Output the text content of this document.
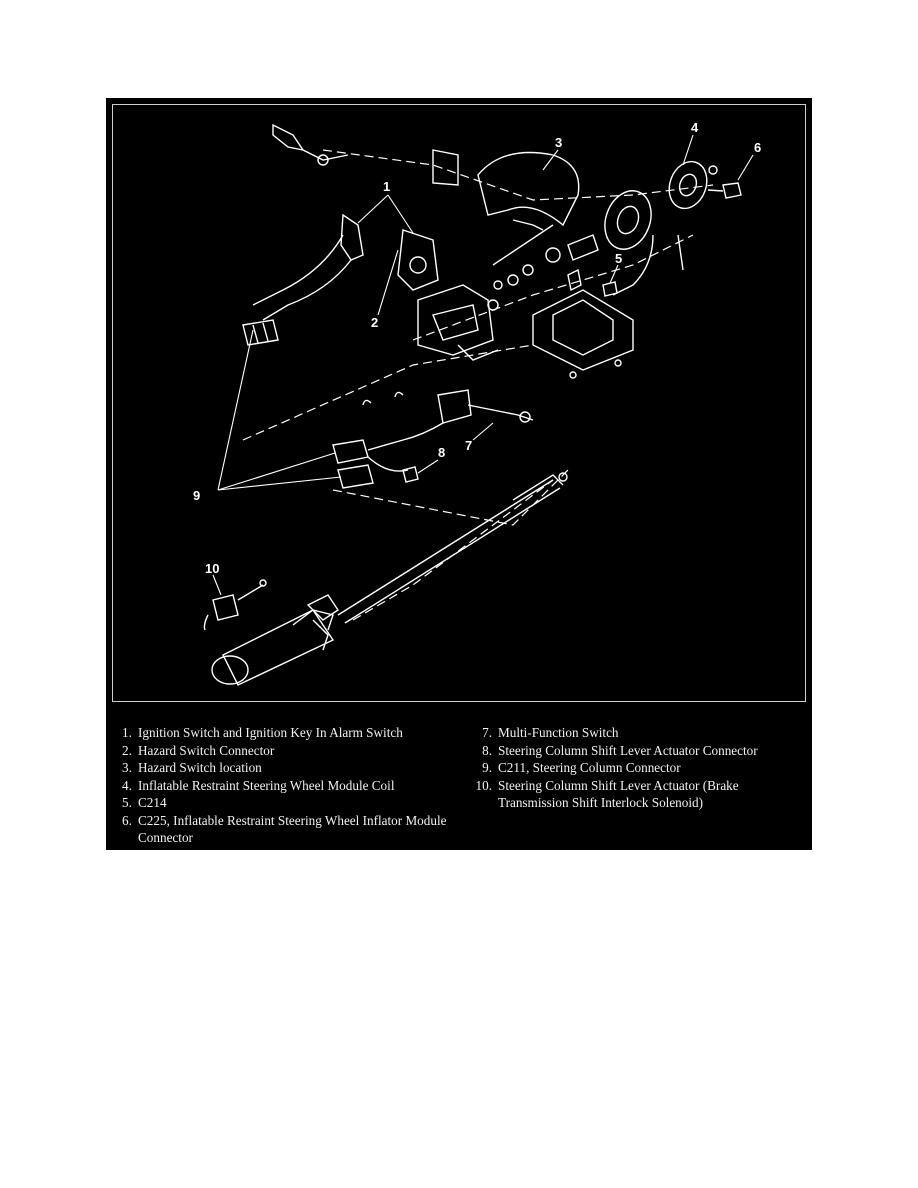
1
2
3
4
5
6
7
8
9
10
1. Ignition Switch and Ignition Key In Alarm Switch
2. Hazard Switch Connector
3. Hazard Switch location
4. Inflatable Restraint Steering Wheel Module Coil
5. C214
6. C225, Inflatable Restraint Steering Wheel Inflator Module Connector
7. Multi-Function Switch
8. Steering Column Shift Lever Actuator Connector
9. C211, Steering Column Connector
10. Steering Column Shift Lever Actuator (Brake Transmission Shift Interlock Solenoid)
